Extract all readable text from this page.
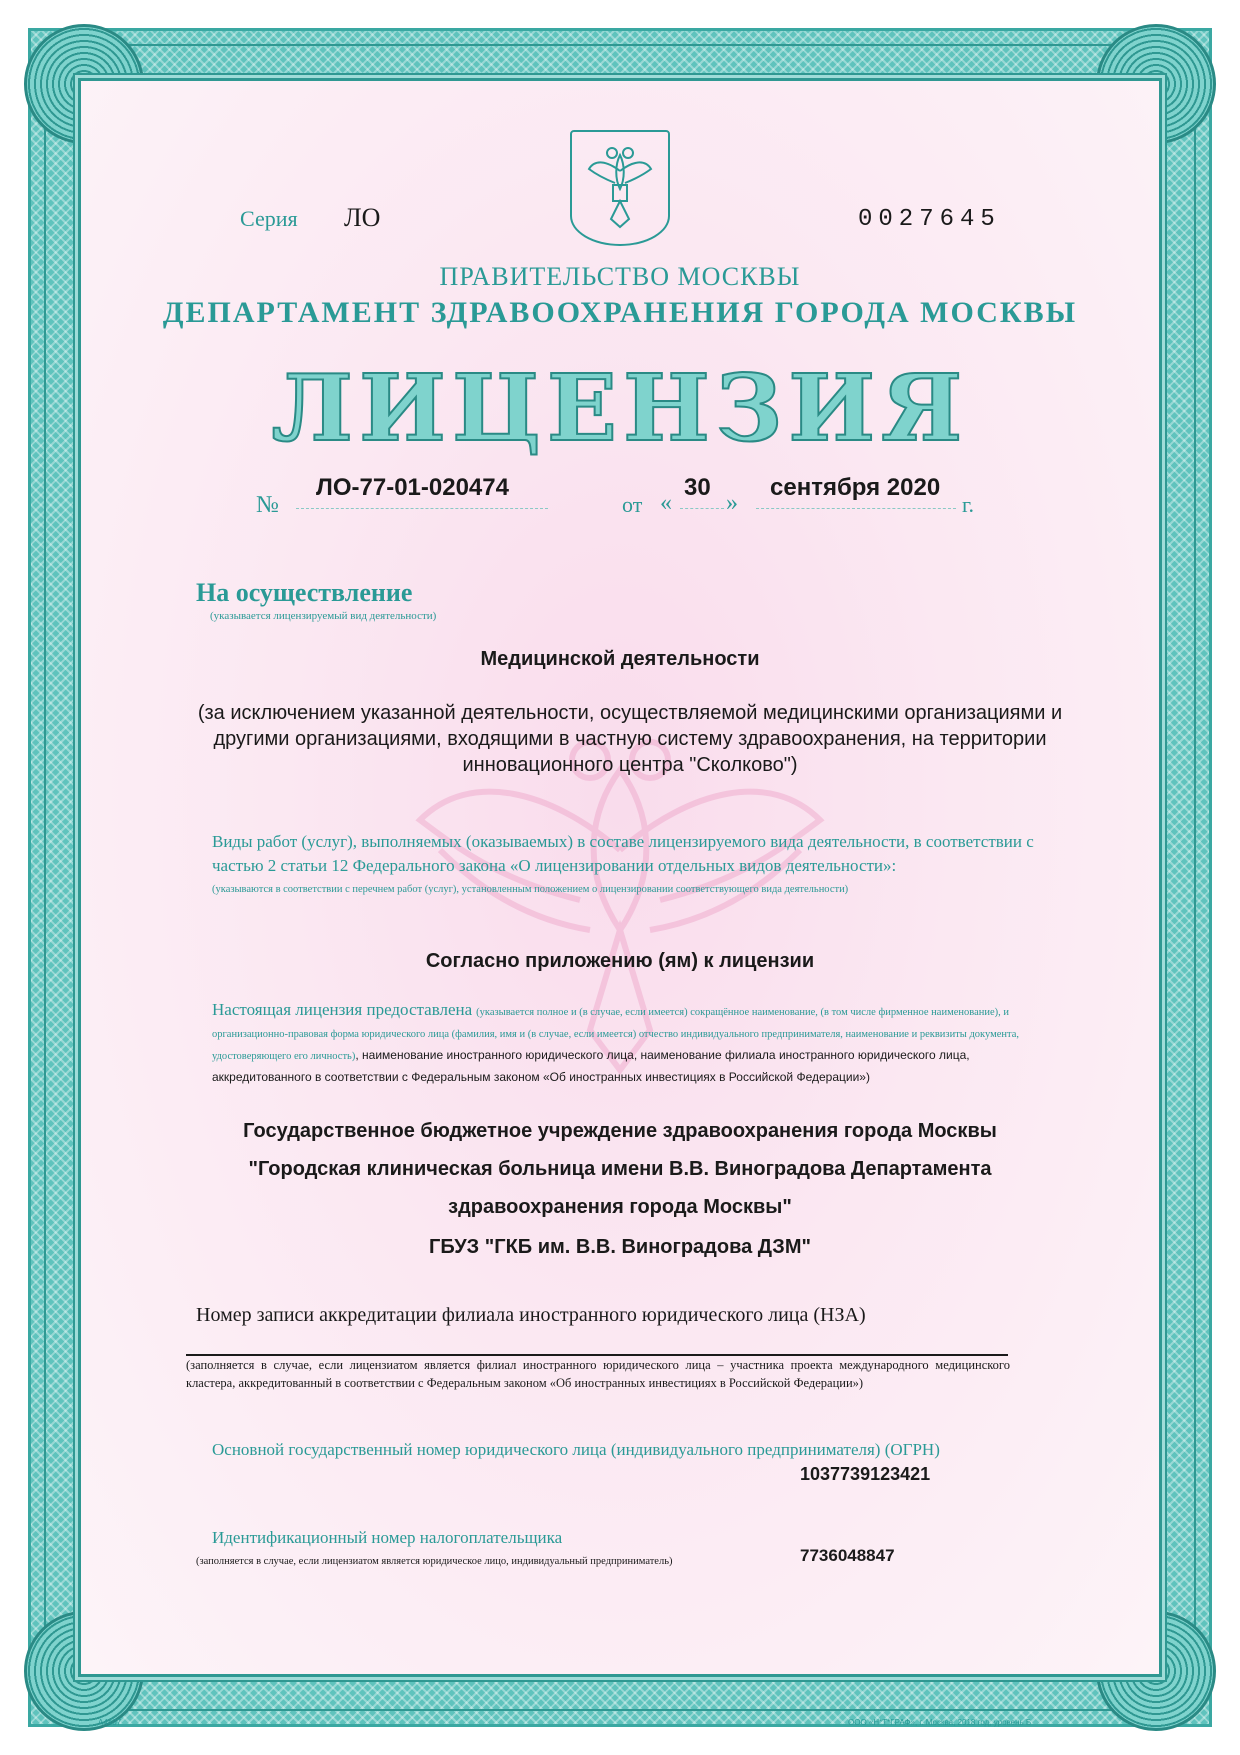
Серия ЛО	0027645
ПРАВИТЕЛЬСТВО МОСКВЫ
ДЕПАРТАМЕНТ ЗДРАВООХРАНЕНИЯ ГОРОДА МОСКВЫ
ЛИЦЕНЗИЯ
№
ЛО-77-01-020474
от «
30
»
сентября 2020
г.
На осуществление
(указывается лицензируемый вид деятельности)
Медицинской деятельности
(за исключением указанной деятельности, осуществляемой медицинскими организациями и другими организациями, входящими в частную систему здравоохранения, на территории инновационного центра "Сколково")
Виды работ (услуг), выполняемых (оказываемых) в составе лицензируемого вида деятельности, в соответствии с частью 2 статьи 12 Федерального закона «О лицензировании отдельных видов деятельности»:
(указываются в соответствии с перечнем работ (услуг), установленным положением о лицензировании соответствующего вида деятельности)
Согласно приложению (ям) к лицензии
Настоящая лицензия предоставлена (указывается полное и (в случае, если имеется) сокращённое наименование, (в том числе фирменное наименование), и организационно-правовая форма юридического лица (фамилия, имя и (в случае, если имеется) отчество индивидуального предпринимателя, наименование и реквизиты документа, удостоверяющего его личность), наименование иностранного юридического лица, наименование филиала иностранного юридического лица, аккредитованного в соответствии с Федеральным законом «Об иностранных инвестициях в Российской Федерации»)
Государственное бюджетное учреждение здравоохранения города Москвы
"Городская клиническая больница имени В.В. Виноградова Департамента
здравоохранения города Москвы"
ГБУЗ "ГКБ им. В.В. Виноградова ДЗМ"
Номер записи аккредитации филиала иностранного юридического лица (НЗА)
(заполняется в случае, если лицензиатом является филиал иностранного юридического лица – участника проекта международного медицинского кластера, аккредитованный в соответствии с Федеральным законом «Об иностранных инвестициях в Российской Федерации»)
Основной государственный номер юридического лица (индивидуального предпринимателя) (ОГРН)
1037739123421
Идентификационный номер налогоплательщика
(заполняется в случае, если лицензиатом является юридическое лицо, индивидуальный предприниматель)	7736048847
А4407	ООО «Н*Т*ГРАФ», г. Москва, 2018 год, уровень Б
